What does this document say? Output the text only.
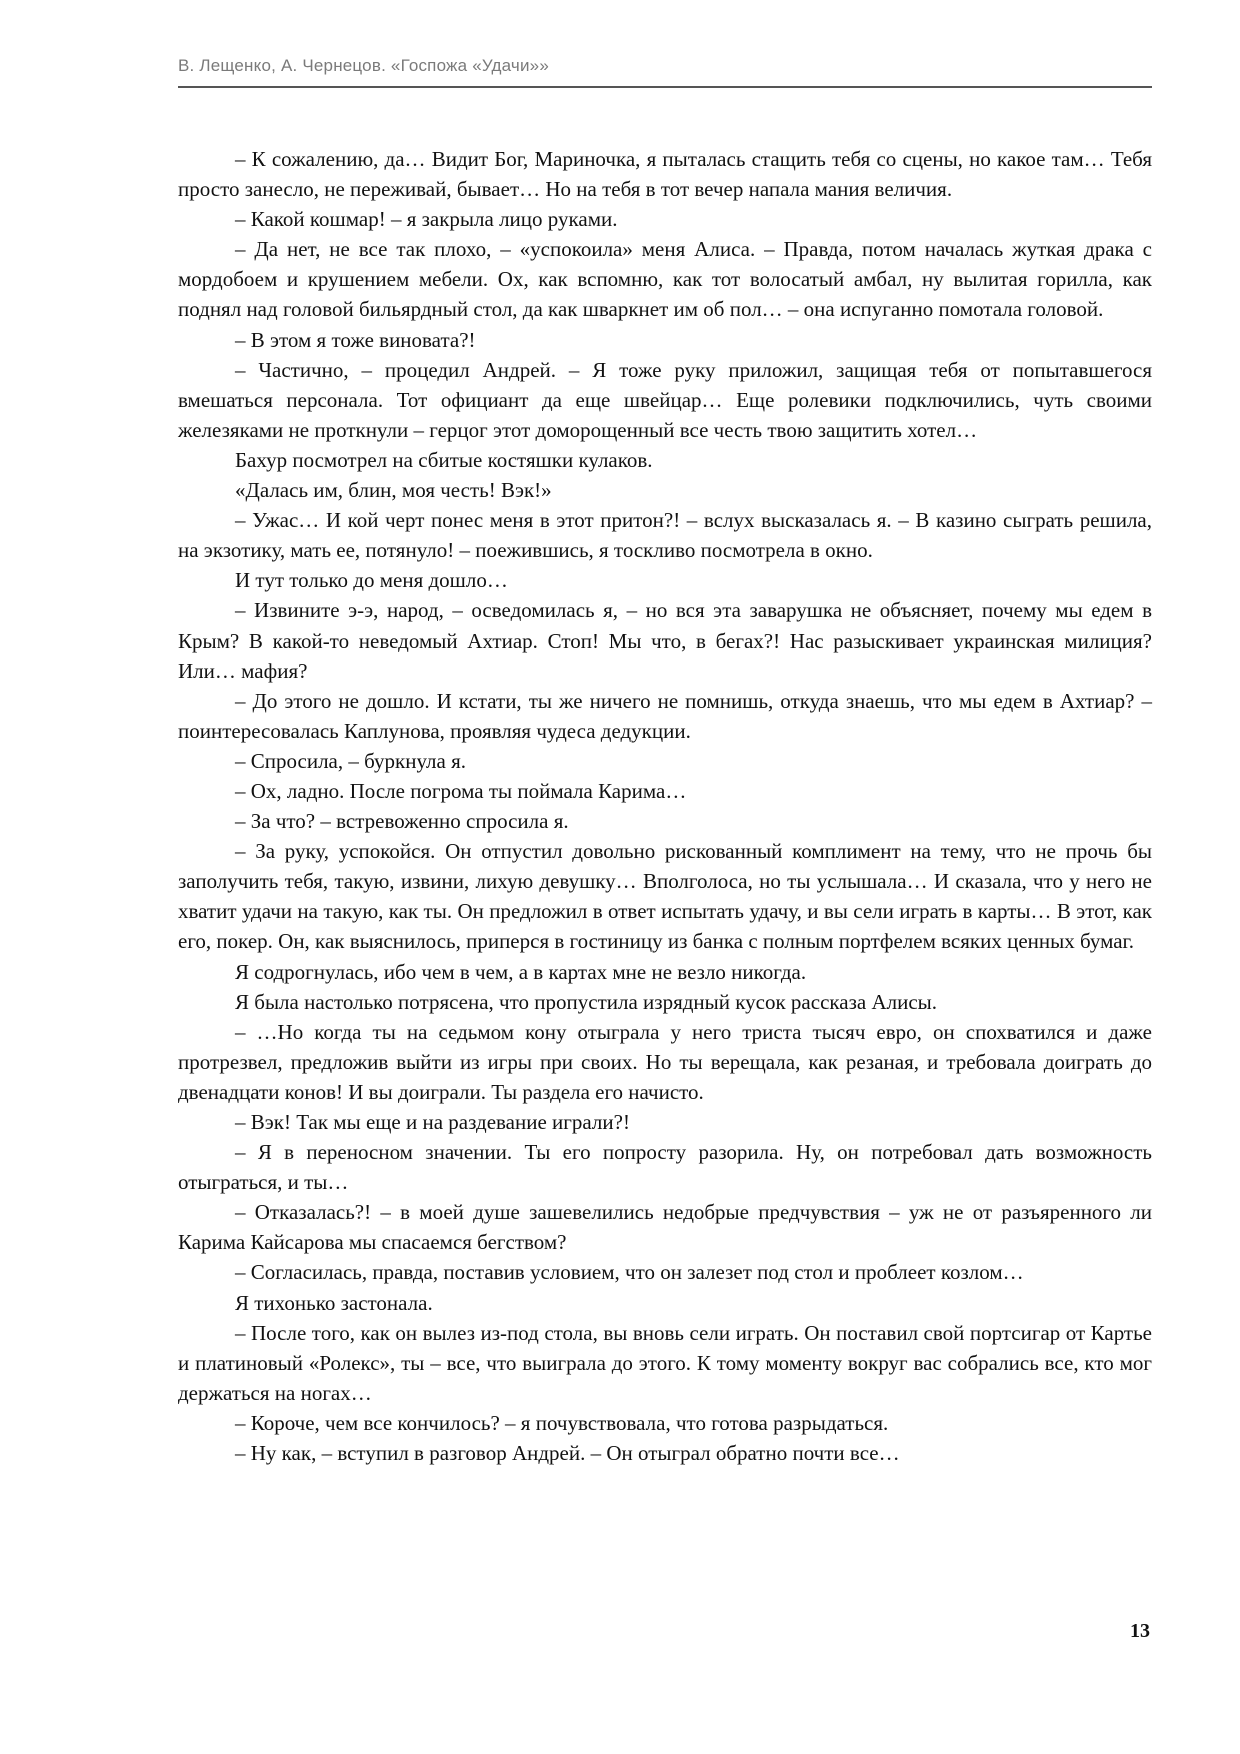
В. Лещенко, А. Чернецов. «Госпожа «Удачи»»

– К сожалению, да… Видит Бог, Мариночка, я пыталась стащить тебя со сцены, но какое там… Тебя просто занесло, не переживай, бывает… Но на тебя в тот вечер напала мания величия.

– Какой кошмар! – я закрыла лицо руками.

– Да нет, не все так плохо, – «успокоила» меня Алиса. – Правда, потом началась жуткая драка с мордобоем и крушением мебели. Ох, как вспомню, как тот волосатый амбал, ну вылитая горилла, как поднял над головой бильярдный стол, да как шваркнет им об пол… – она испуганно помотала головой.

– В этом я тоже виновата?!

– Частично, – процедил Андрей. – Я тоже руку приложил, защищая тебя от попытавшегося вмешаться персонала. Тот официант да еще швейцар… Еще ролевики подключились, чуть своими железяками не проткнули – герцог этот доморощенный все честь твою защитить хотел…

Бахур посмотрел на сбитые костяшки кулаков.

«Далась им, блин, моя честь! Вэк!»

– Ужас… И кой черт понес меня в этот притон?! – вслух высказалась я. – В казино сыграть решила, на экзотику, мать ее, потянуло! – поежившись, я тоскливо посмотрела в окно.

И тут только до меня дошло…

– Извините э-э, народ, – осведомилась я, – но вся эта заварушка не объясняет, почему мы едем в Крым? В какой-то неведомый Ахтиар. Стоп! Мы что, в бегах?! Нас разыскивает украинская милиция? Или… мафия?

– До этого не дошло. И кстати, ты же ничего не помнишь, откуда знаешь, что мы едем в Ахтиар? – поинтересовалась Каплунова, проявляя чудеса дедукции.

– Спросила, – буркнула я.

– Ох, ладно. После погрома ты поймала Карима…

– За что? – встревоженно спросила я.

– За руку, успокойся. Он отпустил довольно рискованный комплимент на тему, что не прочь бы заполучить тебя, такую, извини, лихую девушку… Вполголоса, но ты услышала… И сказала, что у него не хватит удачи на такую, как ты. Он предложил в ответ испытать удачу, и вы сели играть в карты… В этот, как его, покер. Он, как выяснилось, приперся в гостиницу из банка с полным портфелем всяких ценных бумаг.

Я содрогнулась, ибо чем в чем, а в картах мне не везло никогда.

Я была настолько потрясена, что пропустила изрядный кусок рассказа Алисы.

– …Но когда ты на седьмом кону отыграла у него триста тысяч евро, он спохватился и даже протрезвел, предложив выйти из игры при своих. Но ты верещала, как резаная, и требовала доиграть до двенадцати конов! И вы доиграли. Ты раздела его начисто.

– Вэк! Так мы еще и на раздевание играли?!

– Я в переносном значении. Ты его попросту разорила. Ну, он потребовал дать возможность отыграться, и ты…

– Отказалась?! – в моей душе зашевелились недобрые предчувствия – уж не от разъяренного ли Карима Кайсарова мы спасаемся бегством?

– Согласилась, правда, поставив условием, что он залезет под стол и проблеет козлом…

Я тихонько застонала.

– После того, как он вылез из-под стола, вы вновь сели играть. Он поставил свой портсигар от Картье и платиновый «Ролекс», ты – все, что выиграла до этого. К тому моменту вокруг вас собрались все, кто мог держаться на ногах…

– Короче, чем все кончилось? – я почувствовала, что готова разрыдаться.

– Ну как, – вступил в разговор Андрей. – Он отыграл обратно почти все…

13
